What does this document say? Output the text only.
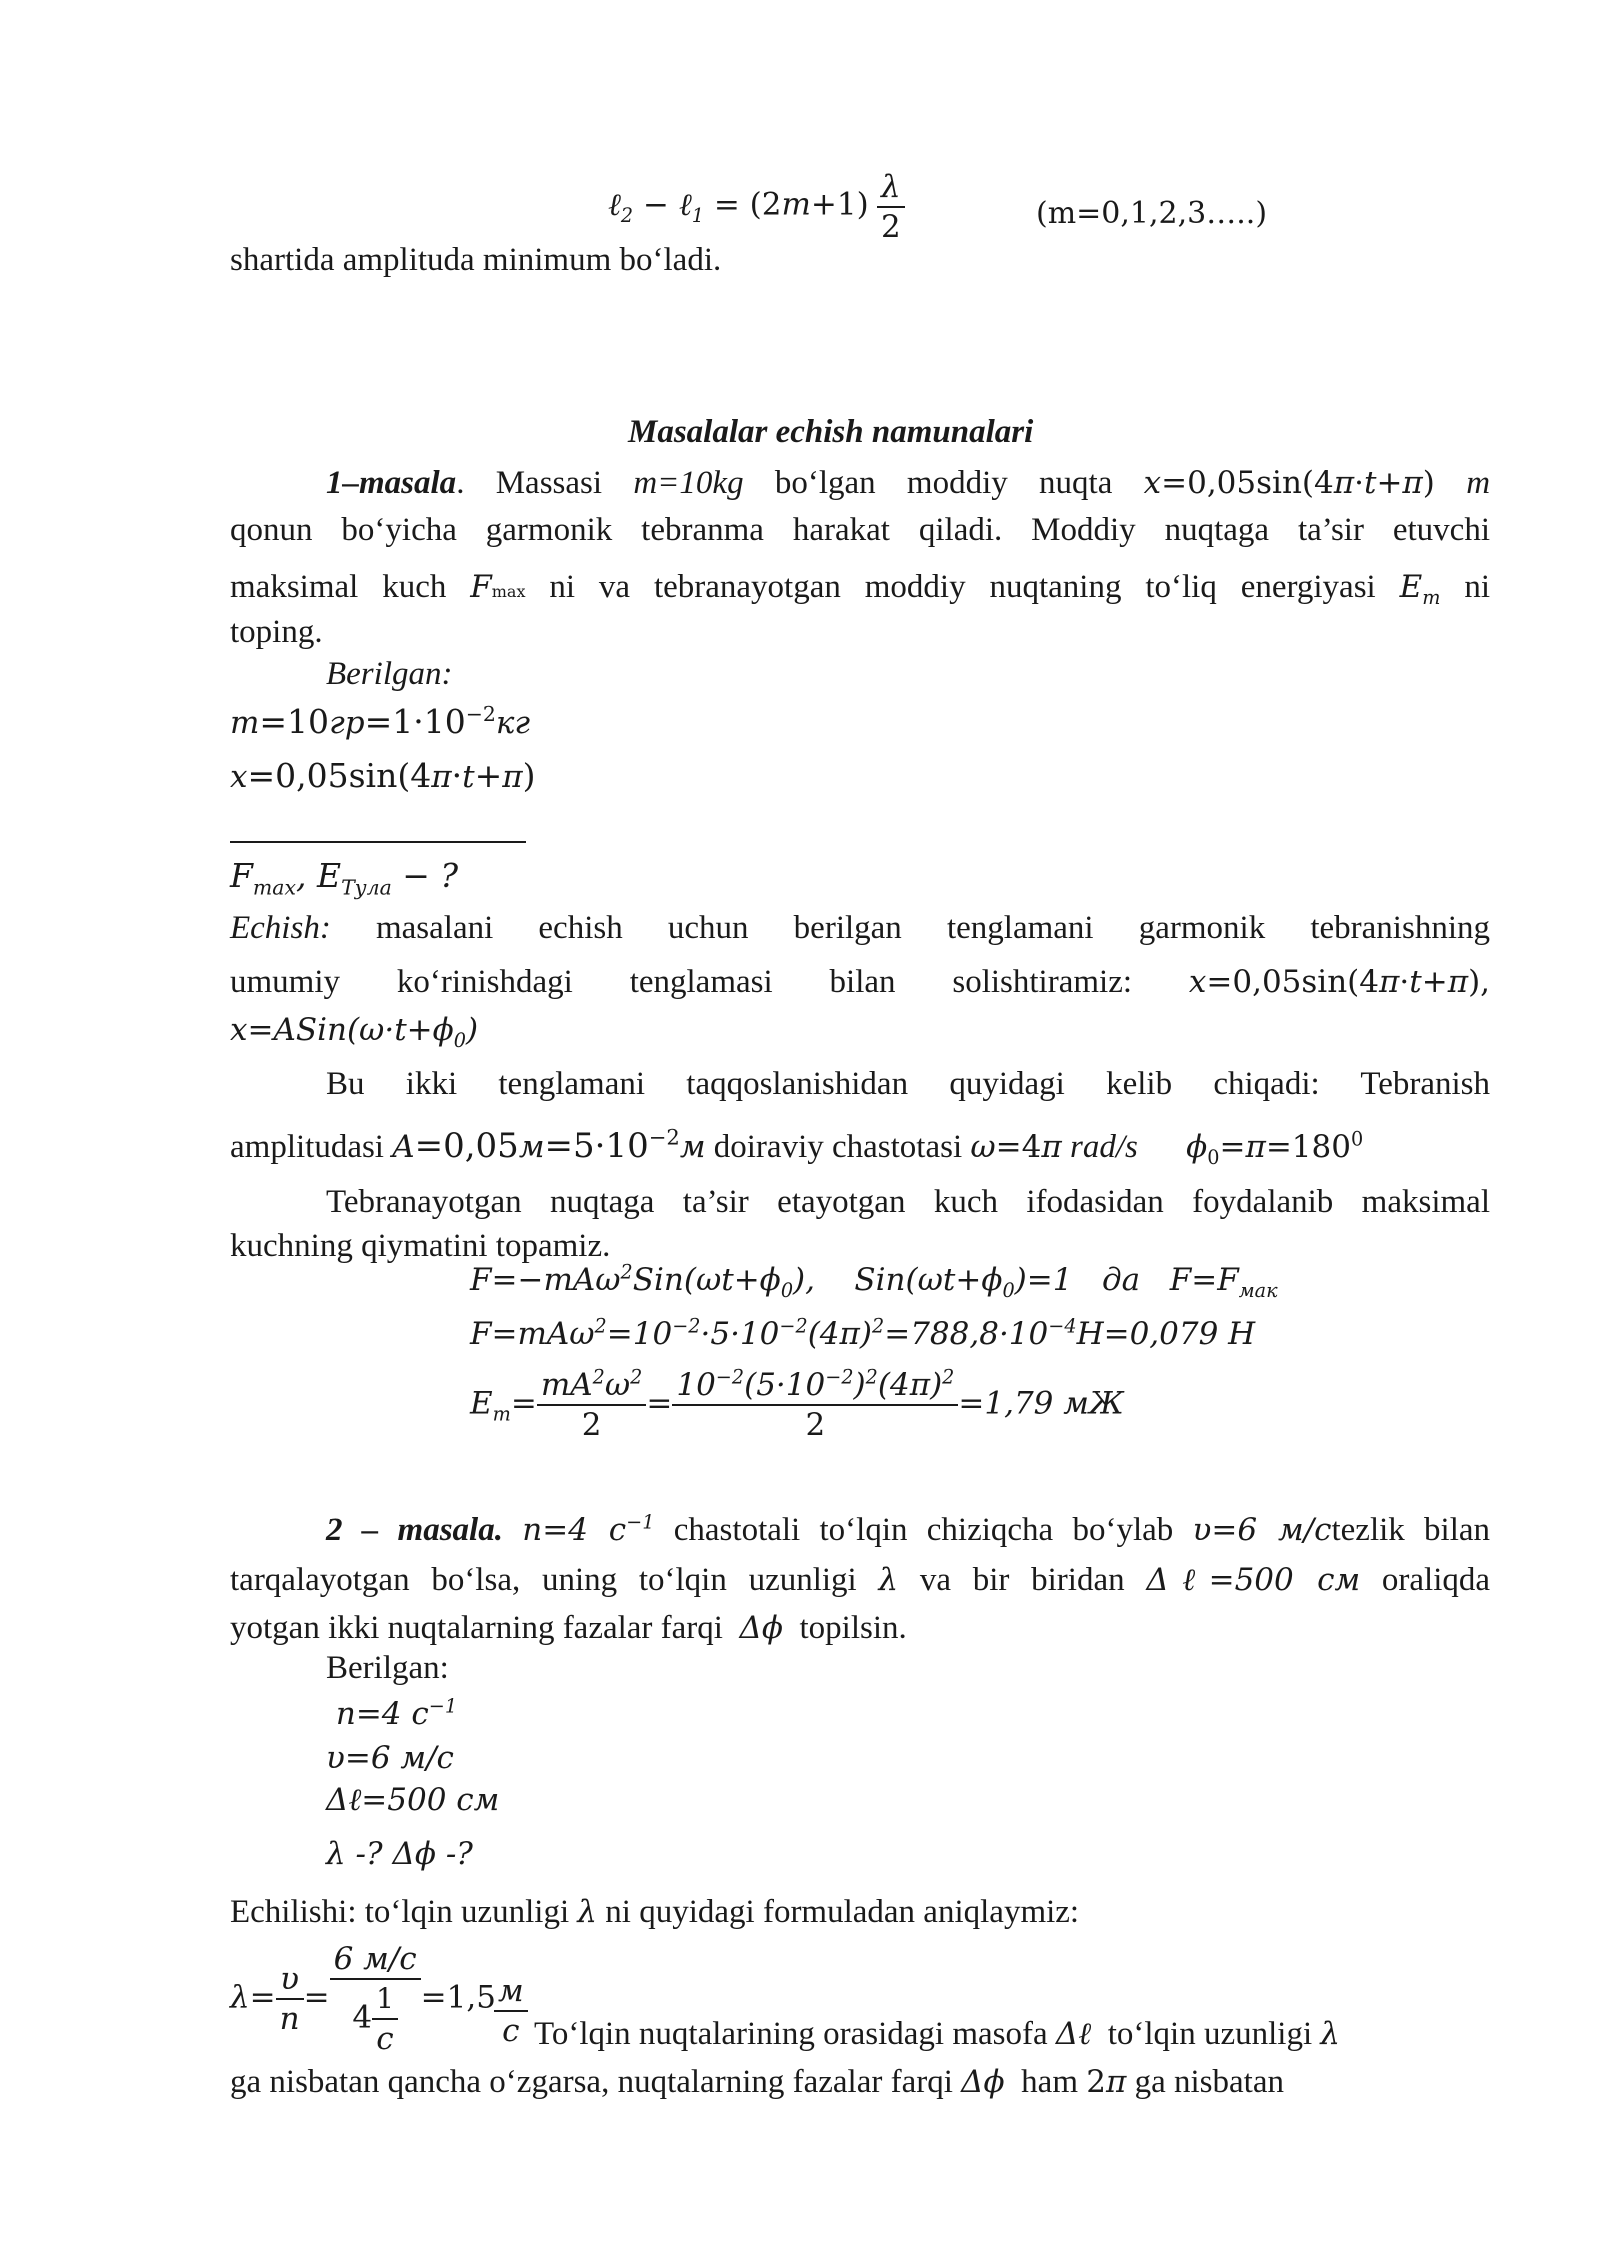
ℓ$_2$ − ℓ$_1$ = $(2m+1) \frac{\lambda}{2}$	(m=0,1,2,3…..)
shartida amplituda minimum bo‘ladi.
Masalalar echish namunalari
1–masala. Massasi m=10kg bo‘lgan moddiy nuqta x=0,05sin(4π·t+π) m
qonun bo‘yicha garmonik tebranma harakat qiladi. Moddiy nuqtaga ta’sir etuvchi
maksimal kuch Fmax ni va tebranayotgan moddiy nuqtaning to‘liq energiyasi $E_m$ ni
toping.
Berilgan:
$m=10гр=1\cdot 10^{-2}кг$
x=0,05sin(4π·t+π)
$F_{max}$, $E_{Тула}$ − ?
Echish: masalani echish uchun berilgan tenglamani garmonik tebranishning
umumiy ko‘rinishdagi tenglamasi bilan solishtiramiz: x=0,05sin(4π·t+π),
$x=ASin(\omega\cdot t+\phi_0)$
Bu ikki tenglamani taqqoslanishidan quyidagi kelib chiqadi: Tebranish
amplitudasi $A=0,05м=5\cdot 10^{-2}м$ doiraviy chastotasi ω=4π rad/s $\phi_0=\pi=180^0$
Tebranayotgan nuqtaga ta’sir etayotgan kuch ifodasidan foydalanib maksimal
kuchning qiymatini topamiz.
$F=-mA\omega^2Sin(\omega t+\phi_0)$,    $Sin(\omega t+\phi_0)=1$   да   $F=F_{мак}$
$F=mA\omega^2=10^{-2}\cdot 5\cdot 10^{-2}(4\pi)^2=788,8\cdot 10^{-4}H=0,079$ H
$E_m= \frac{mA^2\omega^2}{2} = \frac{10^{-2}(5\cdot 10^{-2})^2(4\pi)^2}{2} =1,79$ мЖ
2 – masala. n=4 $c^{-1}$ chastotali to‘lqin chiziqcha bo‘ylab υ=6 м/сtezlik bilan
tarqalayotgan bo‘lsa, uning to‘lqin uzunligi λ va bir biridan Δℓ=500 см oraliqda
yotgan ikki nuqtalarning fazalar farqi Δϕ topilsin.
Berilgan:
n=4 $c^{-1}$
υ=6 м/с
Δℓ=500 см
λ -? Δϕ -?
Echilishi: to‘lqin uzunligi λ ni quyidagi formuladan aniqlaymiz:
$\lambda= \frac{\upsilon}{n} = \frac{6 м/с}{4 \frac{1}{c}} =1,5$
$\frac{м}{c}$ To‘lqin nuqtalarining orasidagi masofa Δℓ to‘lqin uzunligi λ
ga nisbatan qancha o‘zgarsa, nuqtalarning fazalar farqi Δϕ ham 2π ga nisbatan
